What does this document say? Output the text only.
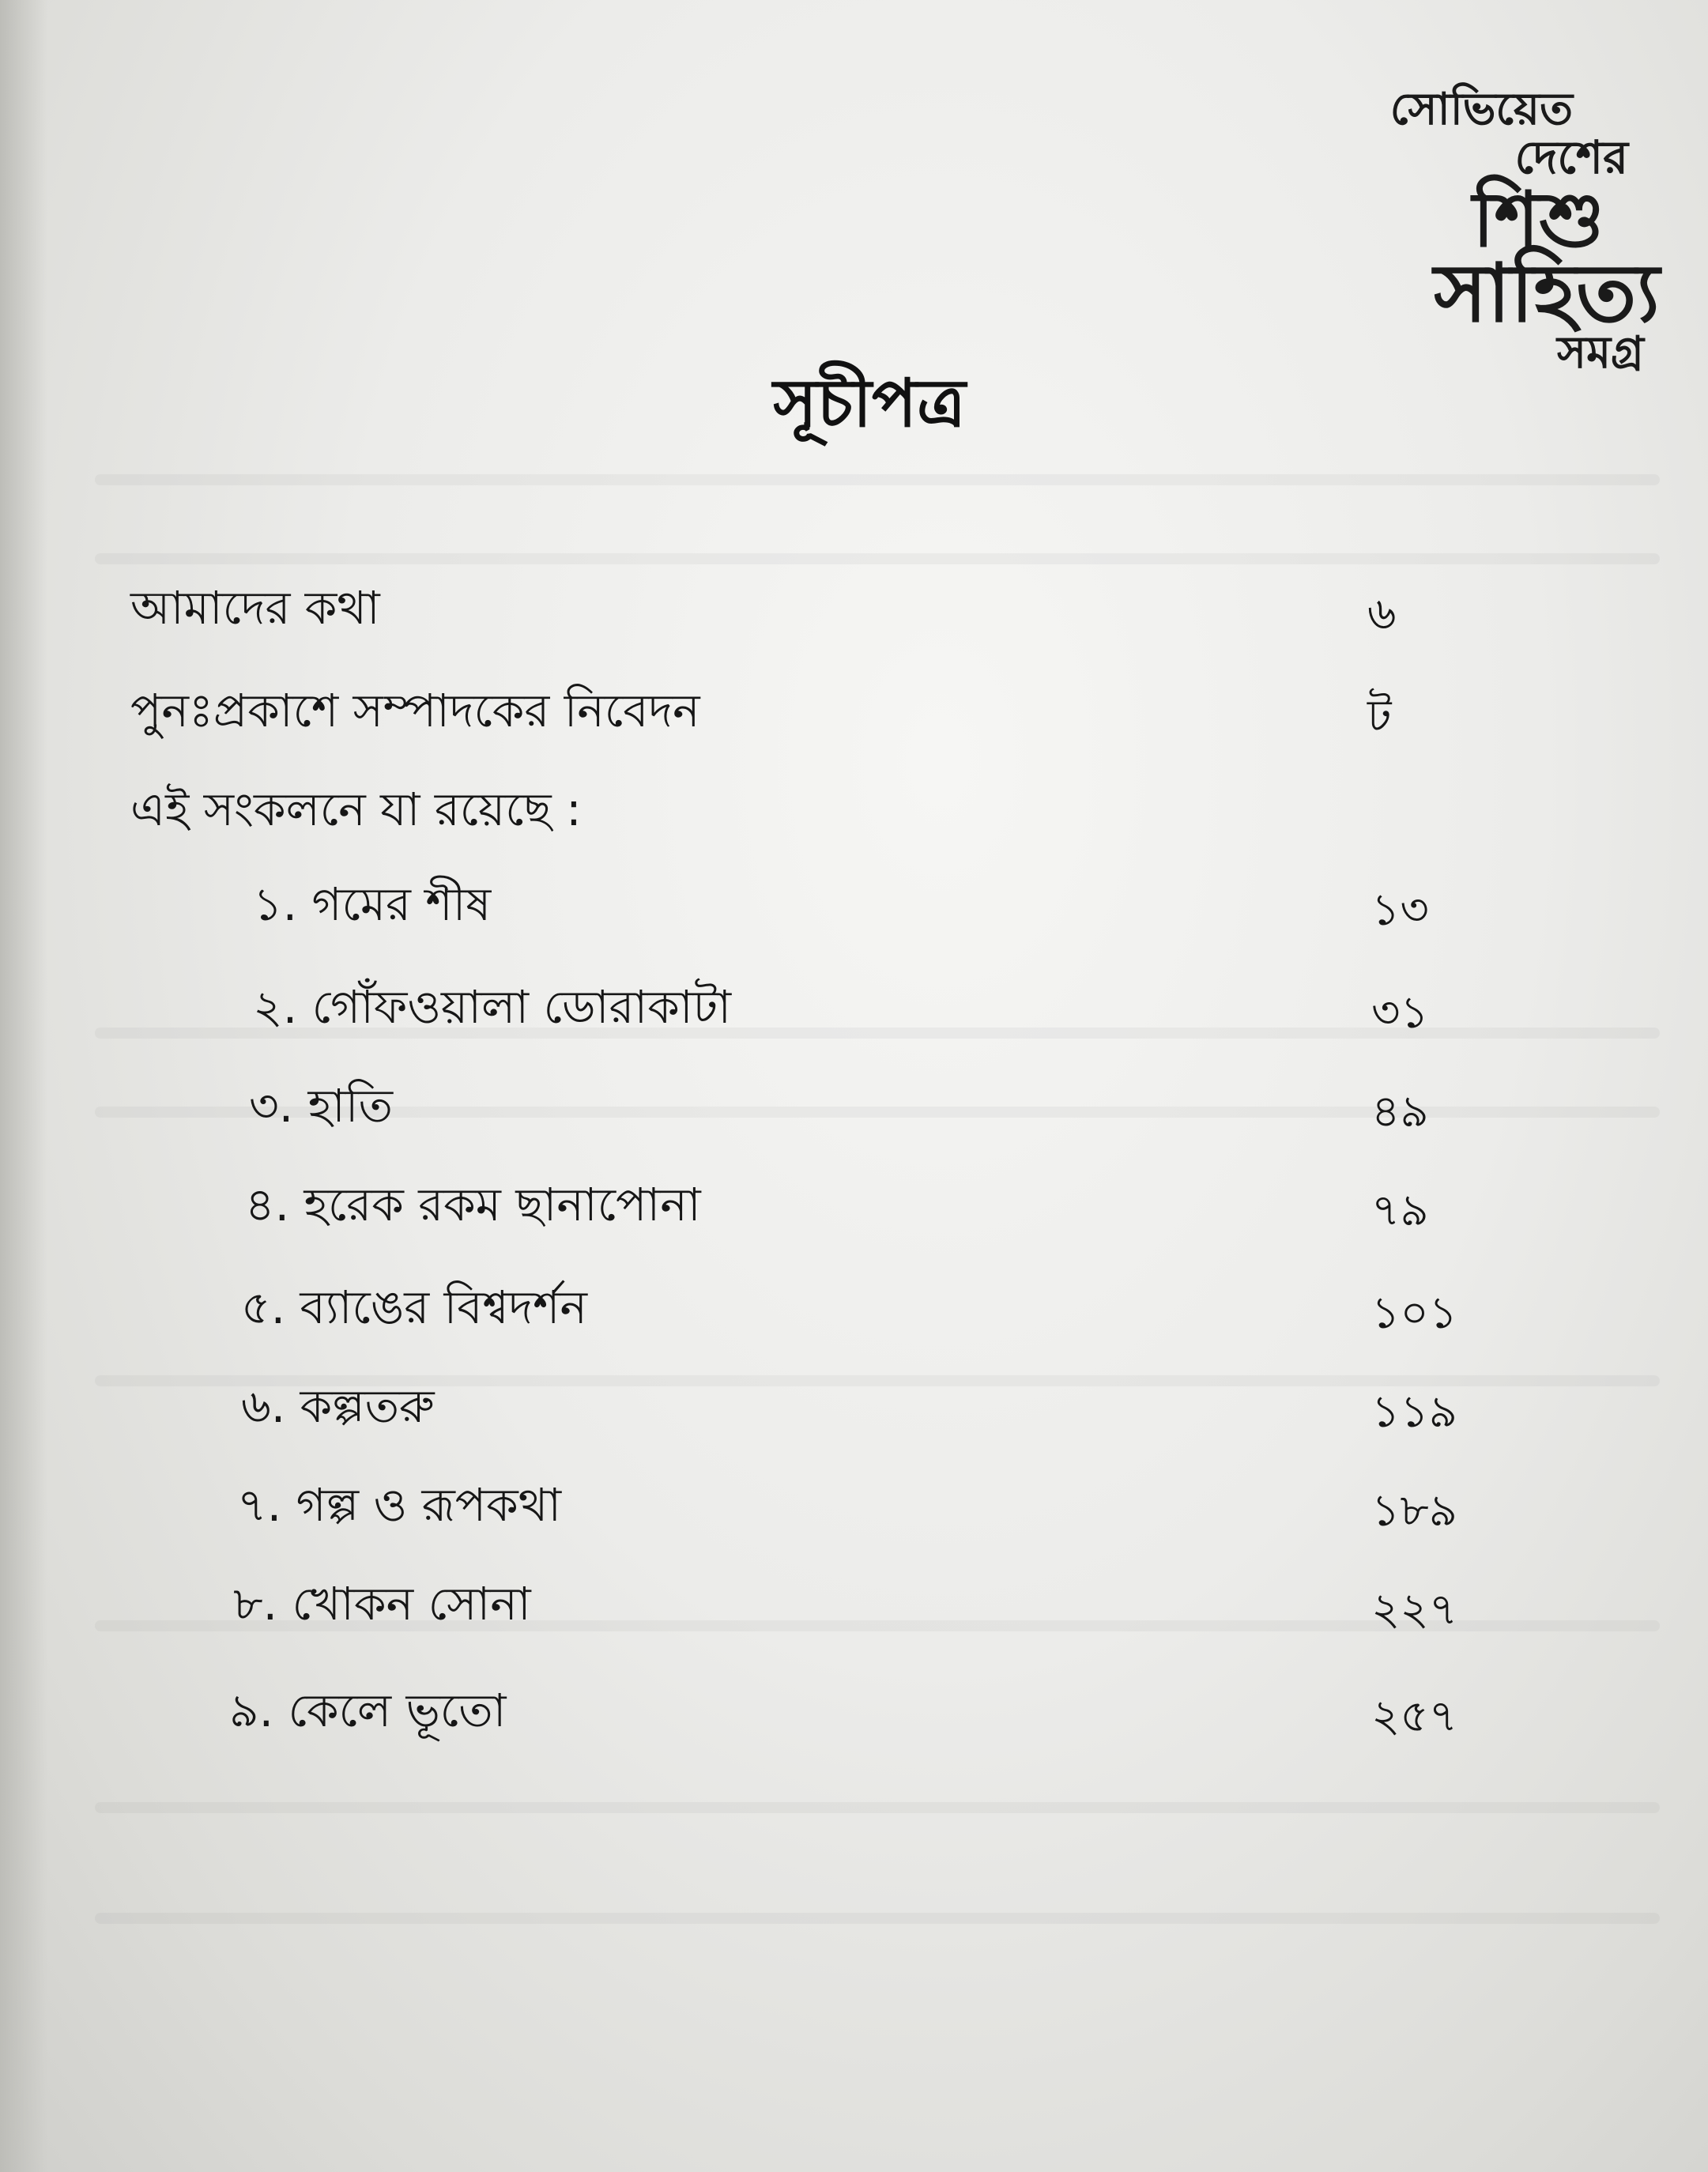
সোভিয়েত
দেশের
শিশু
সাহিত্য
সমগ্র
সূচীপত্র
আমাদের কথা	৬
পুনঃপ্রকাশে সম্পাদকের নিবেদন	ট
এই সংকলনে যা রয়েছে :
১. গমের শীষ	১৩
২. গোঁফওয়ালা ডোরাকাটা	৩১
৩. হাতি	৪৯
৪. হরেক রকম ছানাপোনা	৭৯
৫. ব্যাঙের বিশ্বদর্শন	১০১
৬. কল্পতরু	১১৯
৭. গল্প ও রূপকথা	১৮৯
৮. খোকন সোনা	২২৭
৯. কেলে ভূতো	২৫৭
